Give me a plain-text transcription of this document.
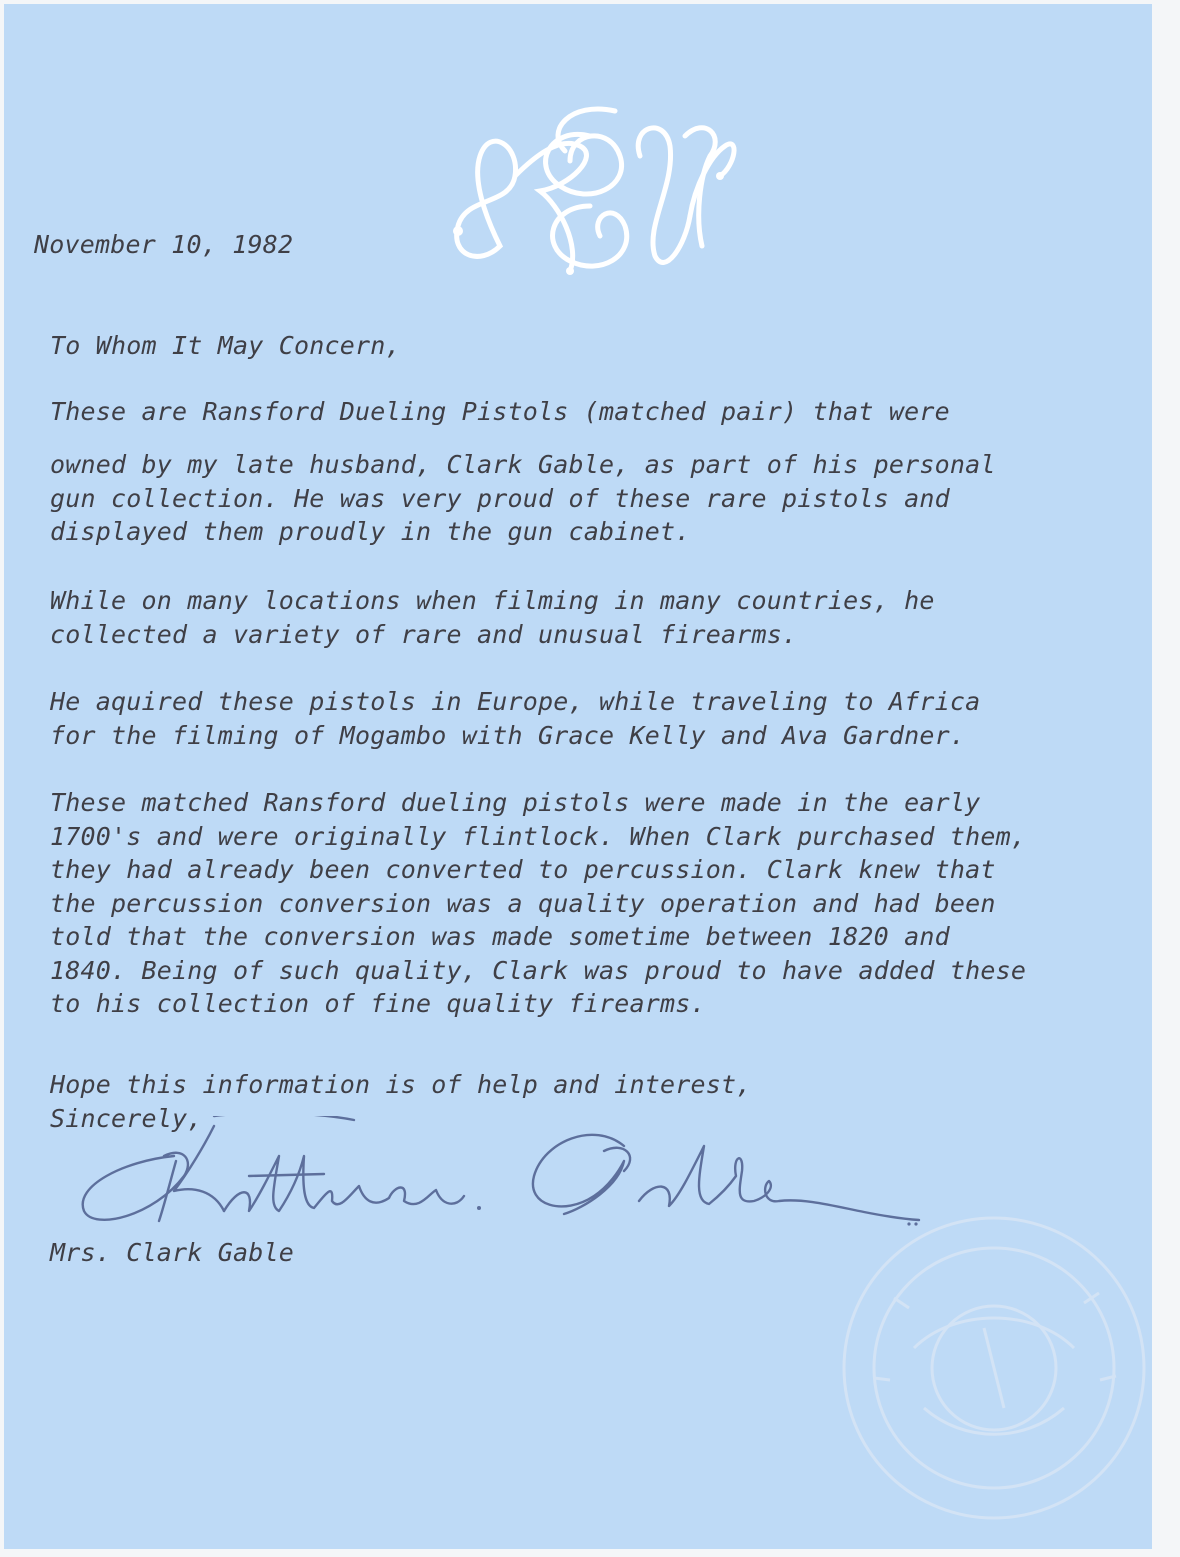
November 10, 1982
To Whom It May Concern,
These are Ransford Dueling Pistols (matched pair) that were

owned by my late husband, Clark Gable, as part of his personal
gun collection. He was very proud of these rare pistols and
displayed them proudly in the gun cabinet.

While on many locations when filming in many countries, he
collected a variety of rare and unusual firearms.

He aquired these pistols in Europe, while traveling to Africa
for the filming of Mogambo with Grace Kelly and Ava Gardner.

These matched Ransford dueling pistols were made in the early
1700's and were originally flintlock. When Clark purchased them,
they had already been converted to percussion. Clark knew that
the percussion conversion was a quality operation and had been
told that the conversion was made sometime between 1820 and
1840. Being of such quality, Clark was proud to have added these
to his collection of fine quality firearms.

Hope this information is of help and interest,
Sincerely,

Mrs. Clark Gable
